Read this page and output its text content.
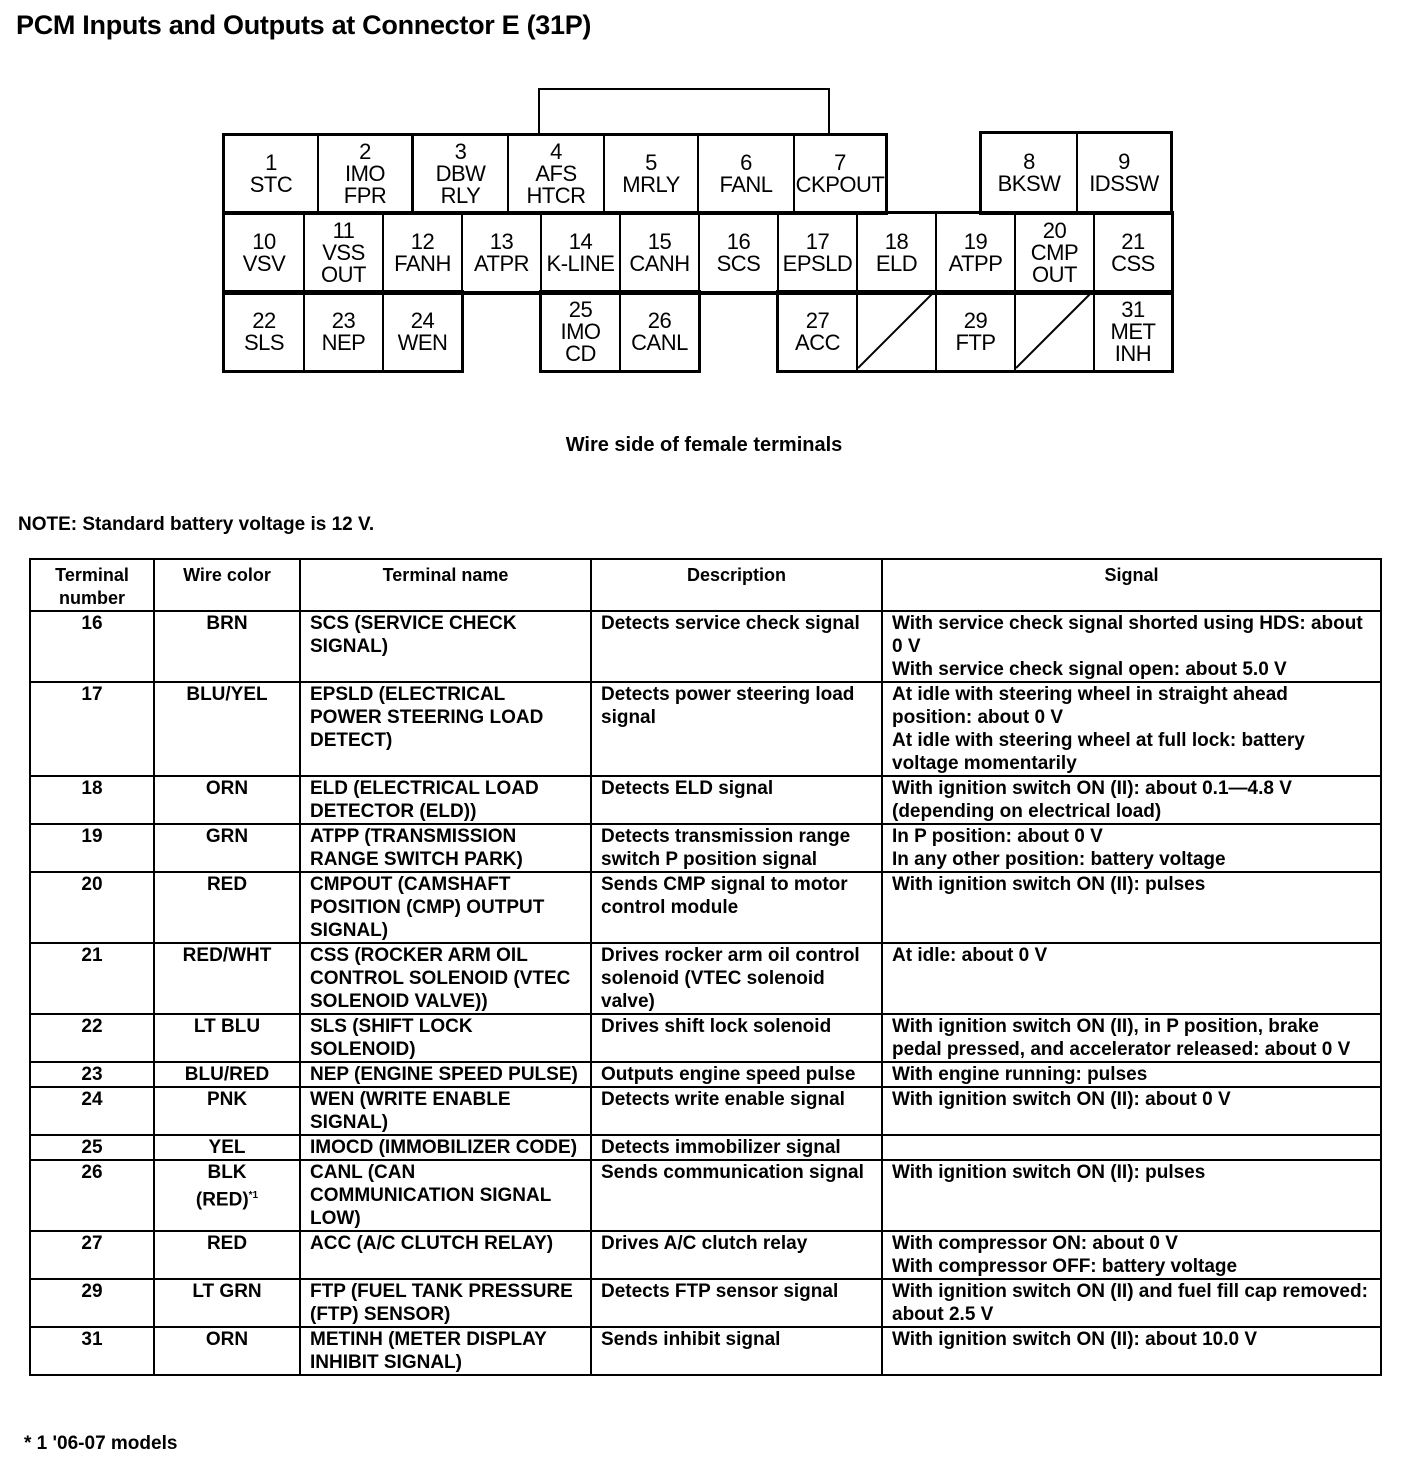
PCM Inputs and Outputs at Connector E (31P)
1
STC
2
IMO
FPR
3
DBW
RLY
4
AFS
HTCR
5
MRLY
6
FANL
7
CKPOUT
8
BKSW
9
IDSSW
10
VSV
11
VSS
OUT
12
FANH
13
ATPR
14
K-LINE
15
CANH
16
SCS
17
EPSLD
18
ELD
19
ATPP
20
CMP
OUT
21
CSS
22
SLS
23
NEP
24
WEN
25
IMO
CD
26
CANL
27
ACC
29
FTP
31
MET
INH
Wire side of female terminals
NOTE: Standard battery voltage is 12 V.
Terminal
number	Wire color	Terminal name	Description	Signal
16	BRN	SCS (SERVICE CHECK SIGNAL)	Detects service check signal	With service check signal shorted using HDS: about 0 V
With service check signal open: about 5.0 V
17	BLU/YEL	EPSLD (ELECTRICAL POWER STEERING LOAD DETECT)	Detects power steering load signal	At idle with steering wheel in straight ahead position: about 0 V
At idle with steering wheel at full lock: battery voltage momentarily
18	ORN	ELD (ELECTRICAL LOAD DETECTOR (ELD))	Detects ELD signal	With ignition switch ON (II): about 0.1—4.8 V (depending on electrical load)
19	GRN	ATPP (TRANSMISSION RANGE SWITCH PARK)	Detects transmission range switch P position signal	In P position: about 0 V
In any other position: battery voltage
20	RED	CMPOUT (CAMSHAFT POSITION (CMP) OUTPUT SIGNAL)	Sends CMP signal to motor control module	With ignition switch ON (II): pulses
21	RED/WHT	CSS (ROCKER ARM OIL CONTROL SOLENOID (VTEC SOLENOID VALVE))	Drives rocker arm oil control solenoid (VTEC solenoid valve)	At idle: about 0 V
22	LT BLU	SLS (SHIFT LOCK SOLENOID)	Drives shift lock solenoid	With ignition switch ON (II), in P position, brake pedal pressed, and accelerator released: about 0 V
23	BLU/RED	NEP (ENGINE SPEED PULSE)	Outputs engine speed pulse	With engine running: pulses
24	PNK	WEN (WRITE ENABLE SIGNAL)	Detects write enable signal	With ignition switch ON (II): about 0 V
25	YEL	IMOCD (IMMOBILIZER CODE)	Detects immobilizer signal	
26	BLK
(RED)$^{*1}$	CANL (CAN COMMUNICATION SIGNAL LOW)	Sends communication signal	With ignition switch ON (II): pulses
27	RED	ACC (A/C CLUTCH RELAY)	Drives A/C clutch relay	With compressor ON: about 0 V
With compressor OFF: battery voltage
29	LT GRN	FTP (FUEL TANK PRESSURE (FTP) SENSOR)	Detects FTP sensor signal	With ignition switch ON (II) and fuel fill cap removed: about 2.5 V
31	ORN	METINH (METER DISPLAY INHIBIT SIGNAL)	Sends inhibit signal	With ignition switch ON (II): about 10.0 V
* 1 '06-07 models
